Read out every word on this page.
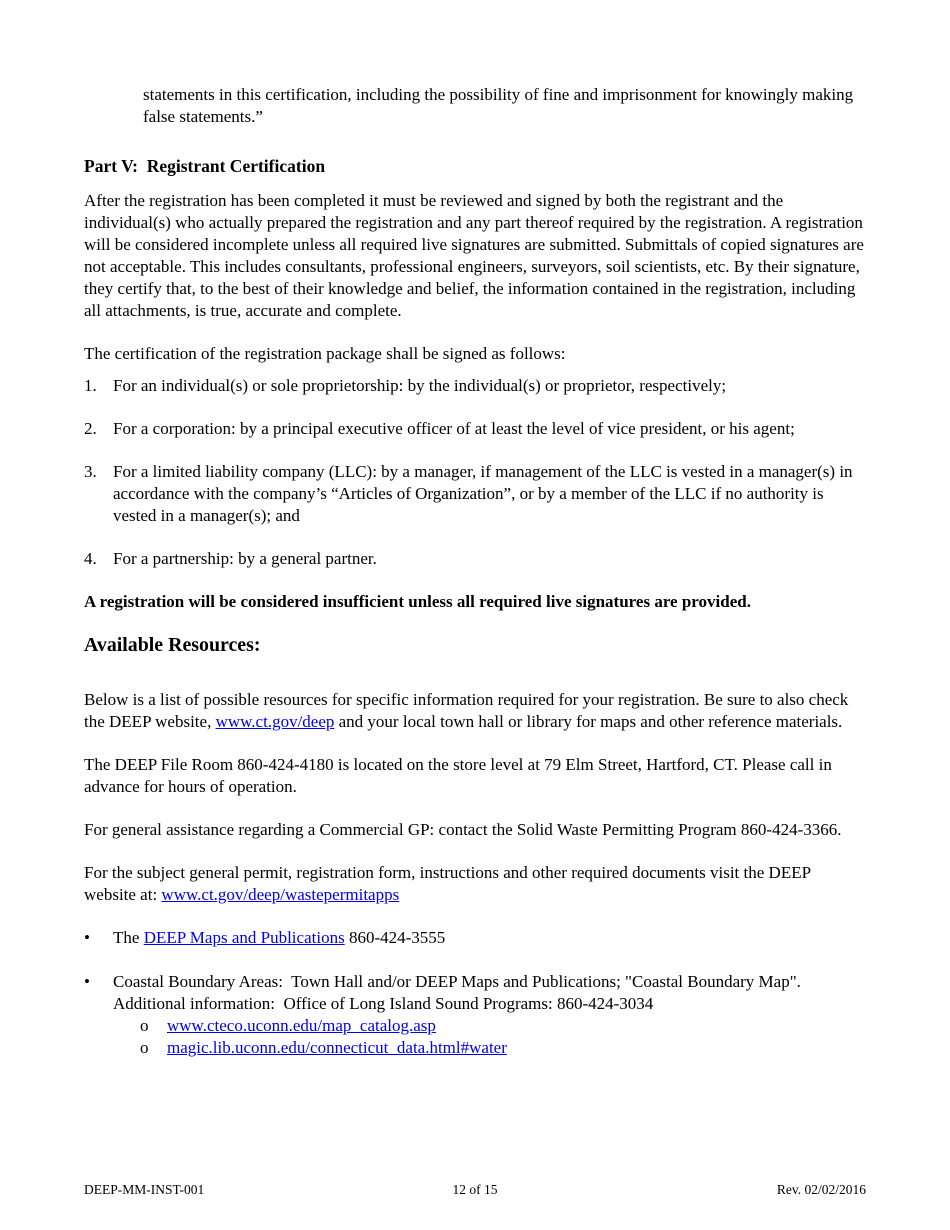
statements in this certification, including the possibility of fine and imprisonment for knowingly making false statements.”

Part V:  Registrant Certification

After the registration has been completed it must be reviewed and signed by both the registrant and the individual(s) who actually prepared the registration and any part thereof required by the registration. A registration will be considered incomplete unless all required live signatures are submitted. Submittals of copied signatures are not acceptable. This includes consultants, professional engineers, surveyors, soil scientists, etc. By their signature, they certify that, to the best of their knowledge and belief, the information contained in the registration, including all attachments, is true, accurate and complete.

The certification of the registration package shall be signed as follows:

1. For an individual(s) or sole proprietorship: by the individual(s) or proprietor, respectively;
2. For a corporation: by a principal executive officer of at least the level of vice president, or his agent;
3. For a limited liability company (LLC): by a manager, if management of the LLC is vested in a manager(s) in accordance with the company’s “Articles of Organization”, or by a member of the LLC if no authority is vested in a manager(s); and
4. For a partnership: by a general partner.

A registration will be considered insufficient unless all required live signatures are provided.

Available Resources:

Below is a list of possible resources for specific information required for your registration. Be sure to also check the DEEP website, www.ct.gov/deep and your local town hall or library for maps and other reference materials.

The DEEP File Room 860-424-4180 is located on the store level at 79 Elm Street, Hartford, CT. Please call in advance for hours of operation.

For general assistance regarding a Commercial GP: contact the Solid Waste Permitting Program 860-424-3366.

For the subject general permit, registration form, instructions and other required documents visit the DEEP website at: www.ct.gov/deep/wastepermitapps

•	The DEEP Maps and Publications 860-424-3555
•	Coastal Boundary Areas:  Town Hall and/or DEEP Maps and Publications; "Coastal Boundary Map". Additional information:  Office of Long Island Sound Programs: 860-424-3034
o	www.cteco.uconn.edu/map_catalog.asp
o	magic.lib.uconn.edu/connecticut_data.html#water
DEEP-MM-INST-001	12 of 15	Rev. 02/02/2016
